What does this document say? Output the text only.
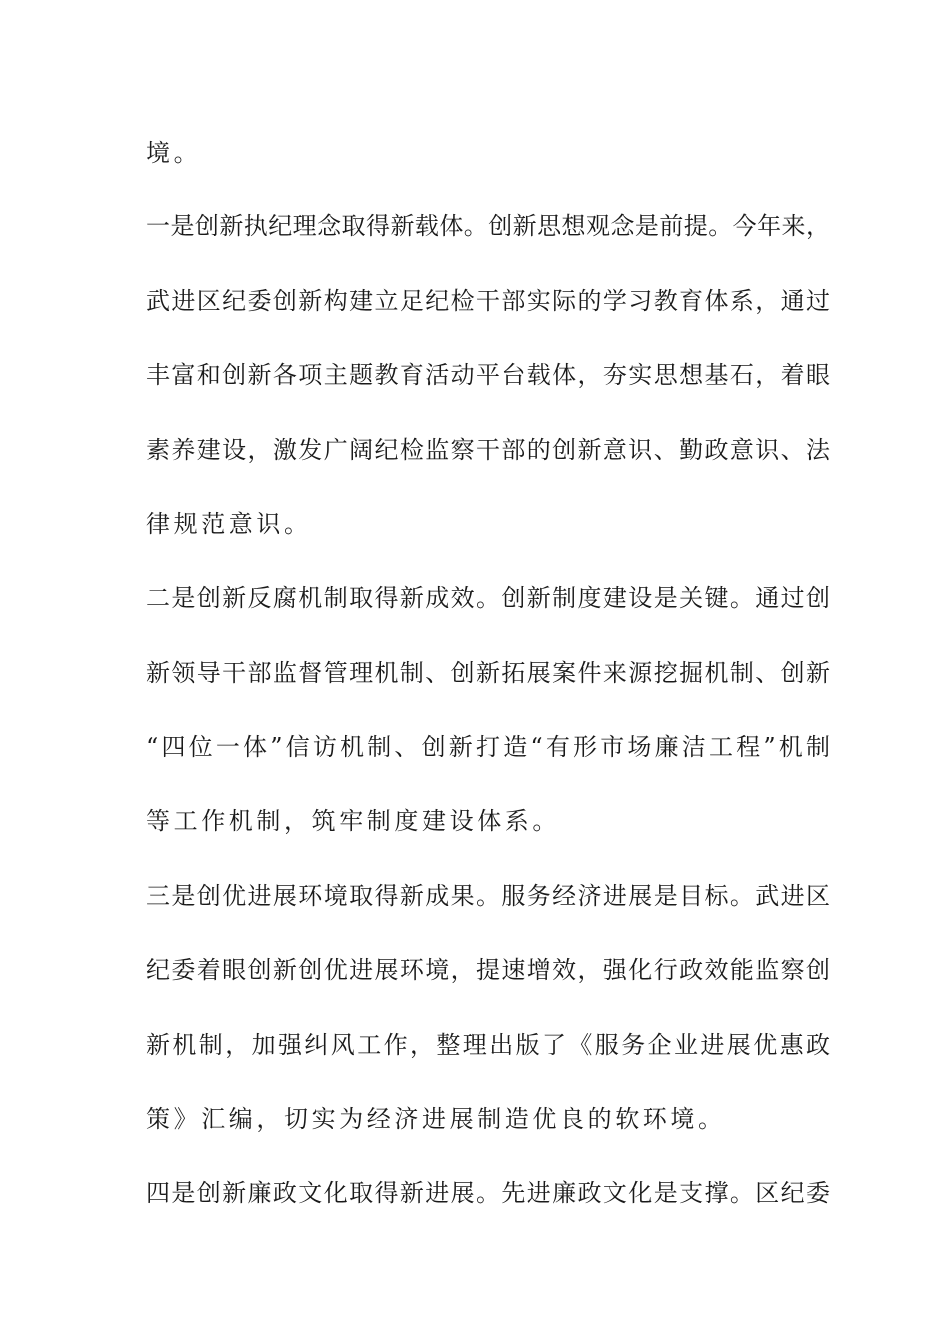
境。
一是创新执纪理念取得新载体。创新思想观念是前提。今年来，
武进区纪委创新构建立足纪检干部实际的学习教育体系，通过
丰富和创新各项主题教育活动平台载体，夯实思想基石，着眼
素养建设，激发广阔纪检监察干部的创新意识、勤政意识、法
律规范意识。
二是创新反腐机制取得新成效。创新制度建设是关键。通过创
新领导干部监督管理机制、创新拓展案件来源挖掘机制、创新
“四位一体”信访机制、创新打造“有形市场廉洁工程”机制
等工作机制，筑牢制度建设体系。
三是创优进展环境取得新成果。服务经济进展是目标。武进区
纪委着眼创新创优进展环境，提速增效，强化行政效能监察创
新机制，加强纠风工作，整理出版了《服务企业进展优惠政
策》汇编，切实为经济进展制造优良的软环境。
四是创新廉政文化取得新进展。先进廉政文化是支撑。区纪委
